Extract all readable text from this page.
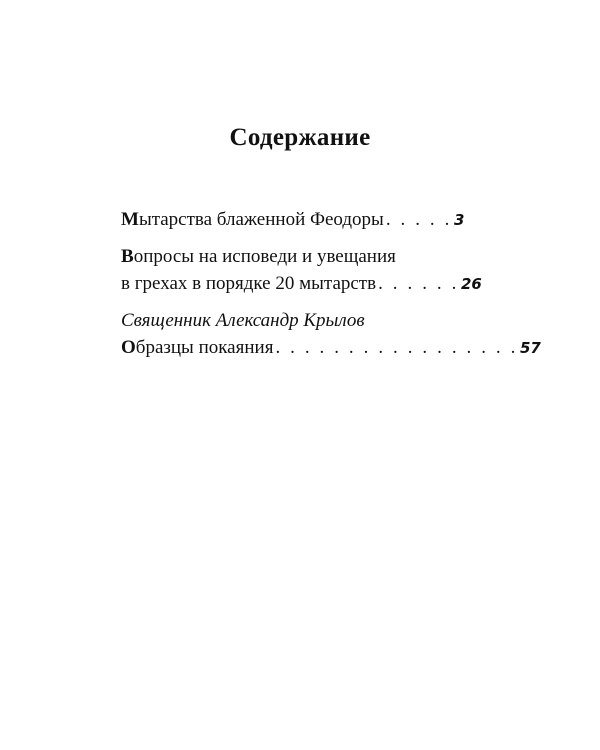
Содержание
М ытарства блаженной Феодоры . . . . . 3
В опросы на исповеди и увещания
в грехах в порядке 20 мытарств . . . . . . 26
Священник Александр Крылов
О бразцы покаяния . . . . . . . . . . . . . . . . . 57
